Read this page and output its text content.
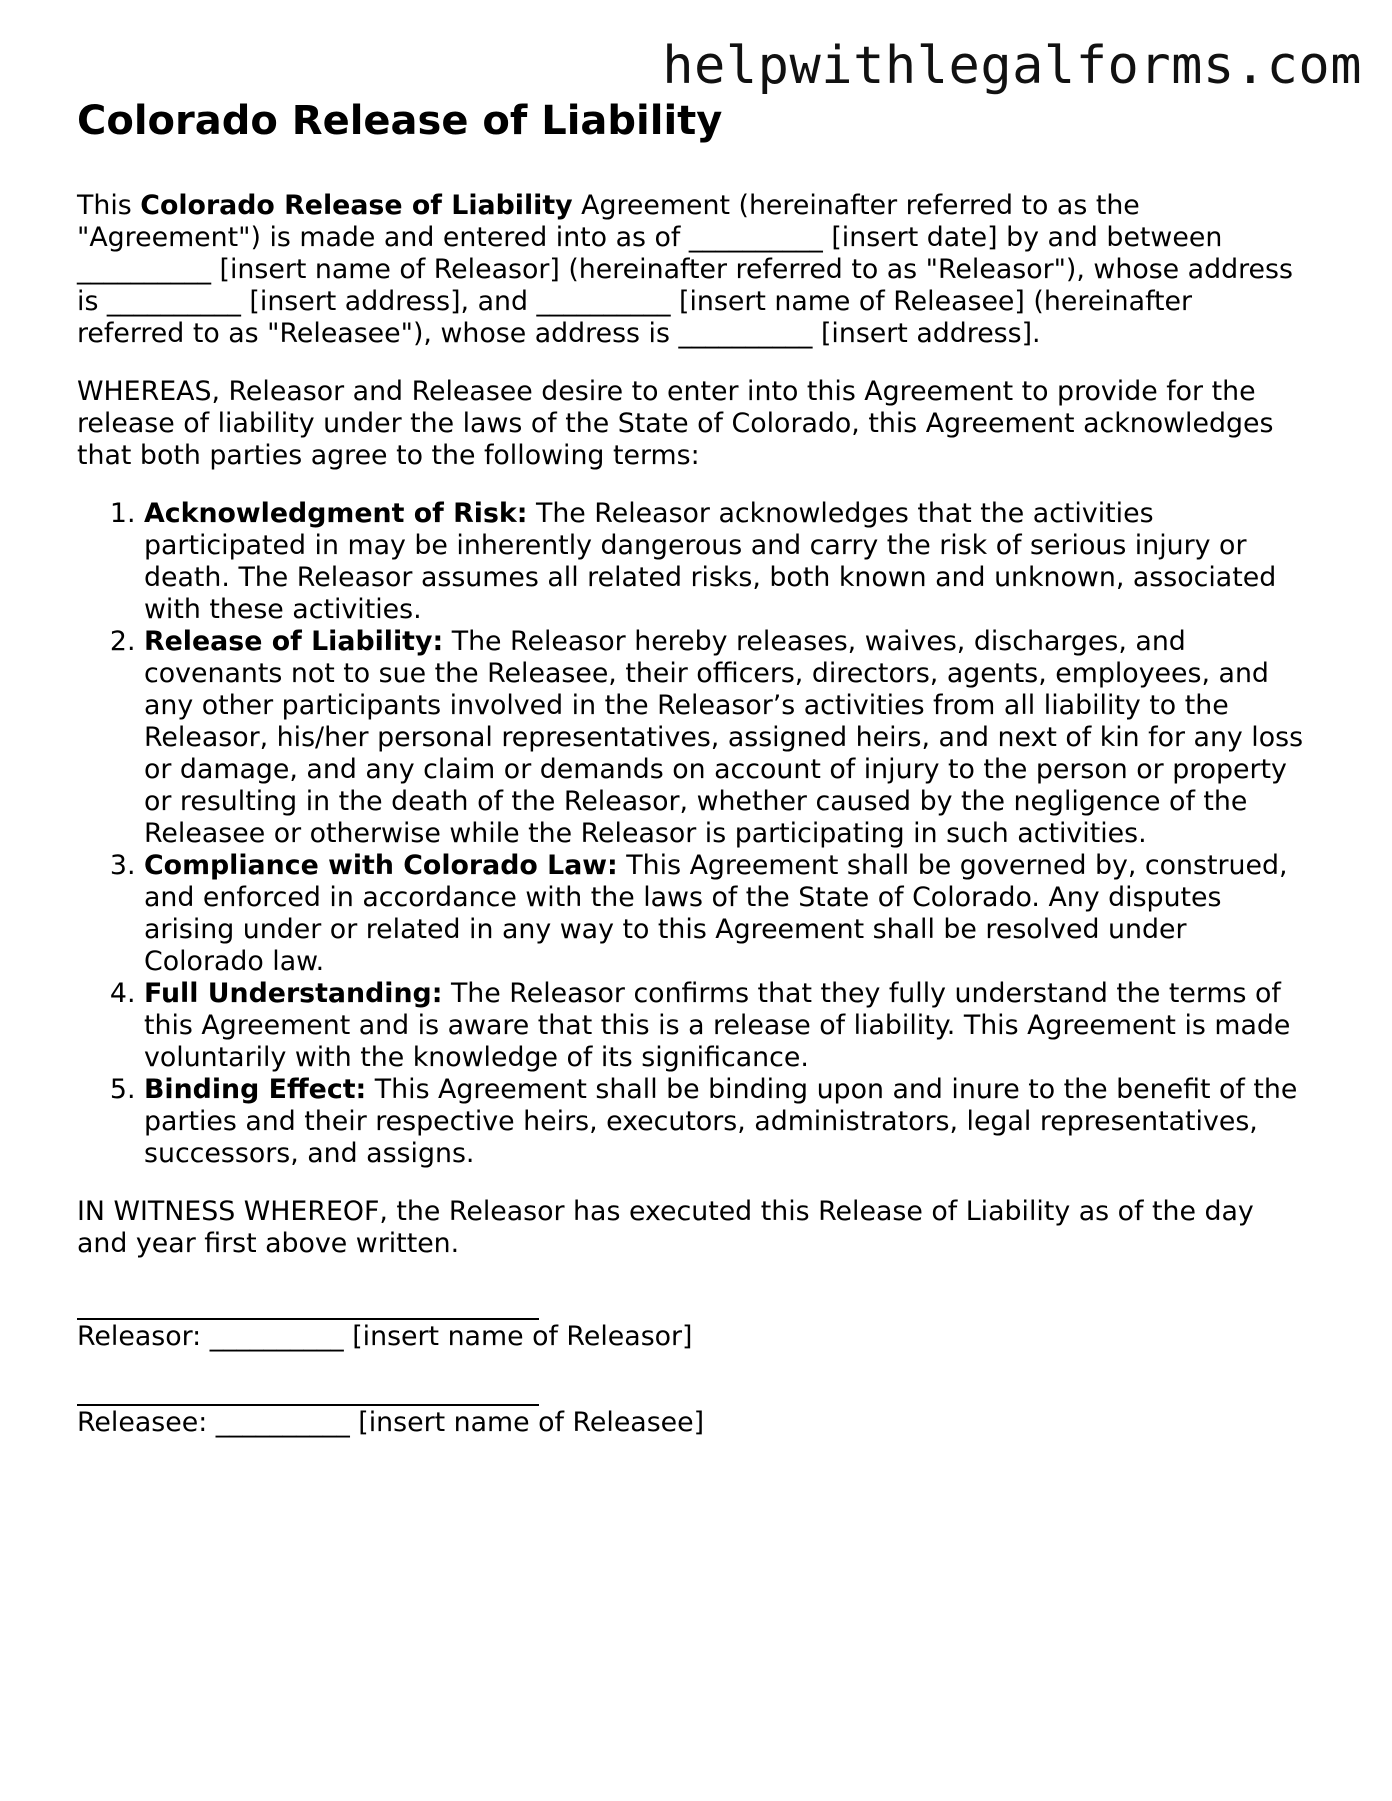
helpwithlegalforms.com
Colorado Release of Liability

This Colorado Release of Liability Agreement (hereinafter referred to as the "Agreement") is made and entered into as of __________ [insert date] by and between __________ [insert name of Releasor] (hereinafter referred to as "Releasor"), whose address is __________ [insert address], and __________ [insert name of Releasee] (hereinafter referred to as "Releasee"), whose address is __________ [insert address].

WHEREAS, Releasor and Releasee desire to enter into this Agreement to provide for the release of liability under the laws of the State of Colorado, this Agreement acknowledges that both parties agree to the following terms:

1. Acknowledgment of Risk: The Releasor acknowledges that the activities participated in may be inherently dangerous and carry the risk of serious injury or death. The Releasor assumes all related risks, both known and unknown, associated with these activities.
2. Release of Liability: The Releasor hereby releases, waives, discharges, and covenants not to sue the Releasee, their officers, directors, agents, employees, and any other participants involved in the Releasor’s activities from all liability to the Releasor, his/her personal representatives, assigned heirs, and next of kin for any loss or damage, and any claim or demands on account of injury to the person or property or resulting in the death of the Releasor, whether caused by the negligence of the Releasee or otherwise while the Releasor is participating in such activities.
3. Compliance with Colorado Law: This Agreement shall be governed by, construed, and enforced in accordance with the laws of the State of Colorado. Any disputes arising under or related in any way to this Agreement shall be resolved under Colorado law.
4. Full Understanding: The Releasor confirms that they fully understand the terms of this Agreement and is aware that this is a release of liability. This Agreement is made voluntarily with the knowledge of its significance.
5. Binding Effect: This Agreement shall be binding upon and inure to the benefit of the parties and their respective heirs, executors, administrators, legal representatives, successors, and assigns.

IN WITNESS WHEREOF, the Releasor has executed this Release of Liability as of the day and year first above written.

Releasor: __________ [insert name of Releasor]
Releasee: __________ [insert name of Releasee]
